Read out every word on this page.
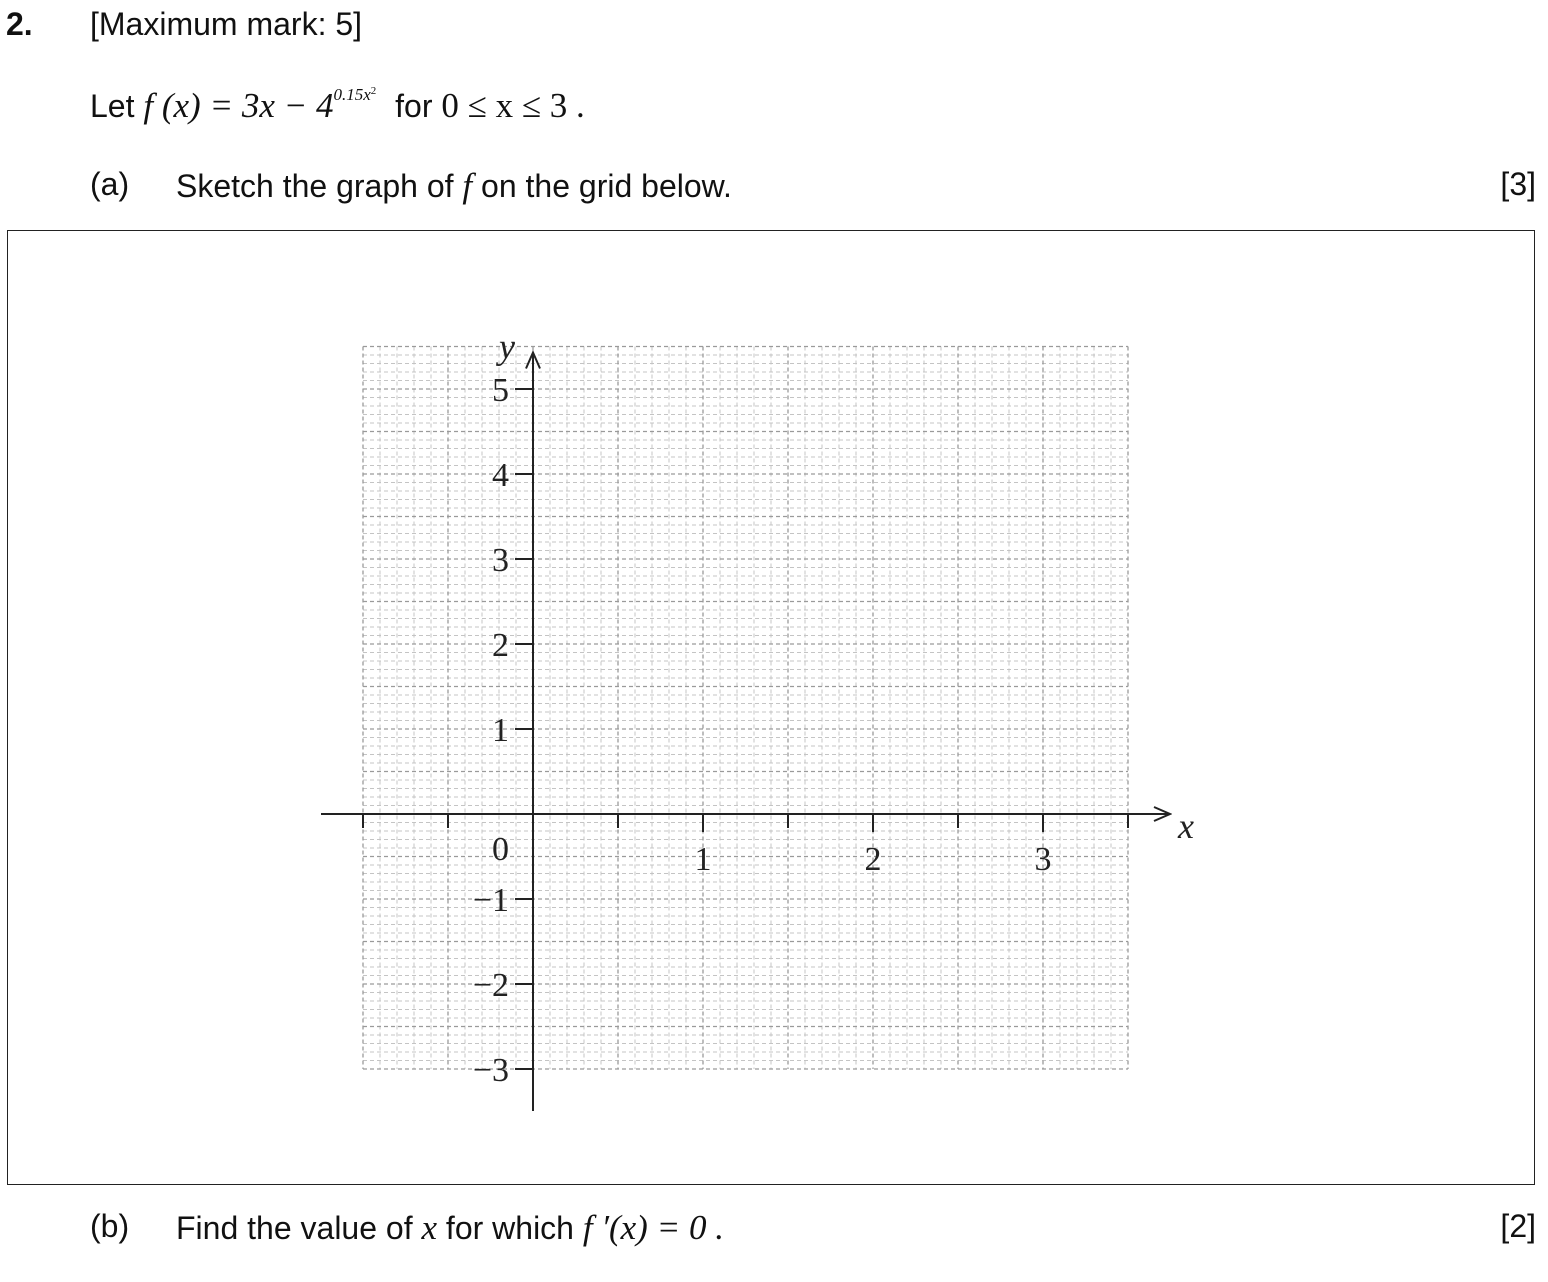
2. [Maximum mark: 5]
Let f $(x) = 3x - 4^{0.15x^2}$ for 0 ≤ x ≤ 3 .
(a) Sketch the graph of f on the grid below.	[3]
1	2	3
−3
−2
−1
1
2
3
4
5
0
x
y
(b) Find the value of x for which f ′(x) = 0 .	[2]
